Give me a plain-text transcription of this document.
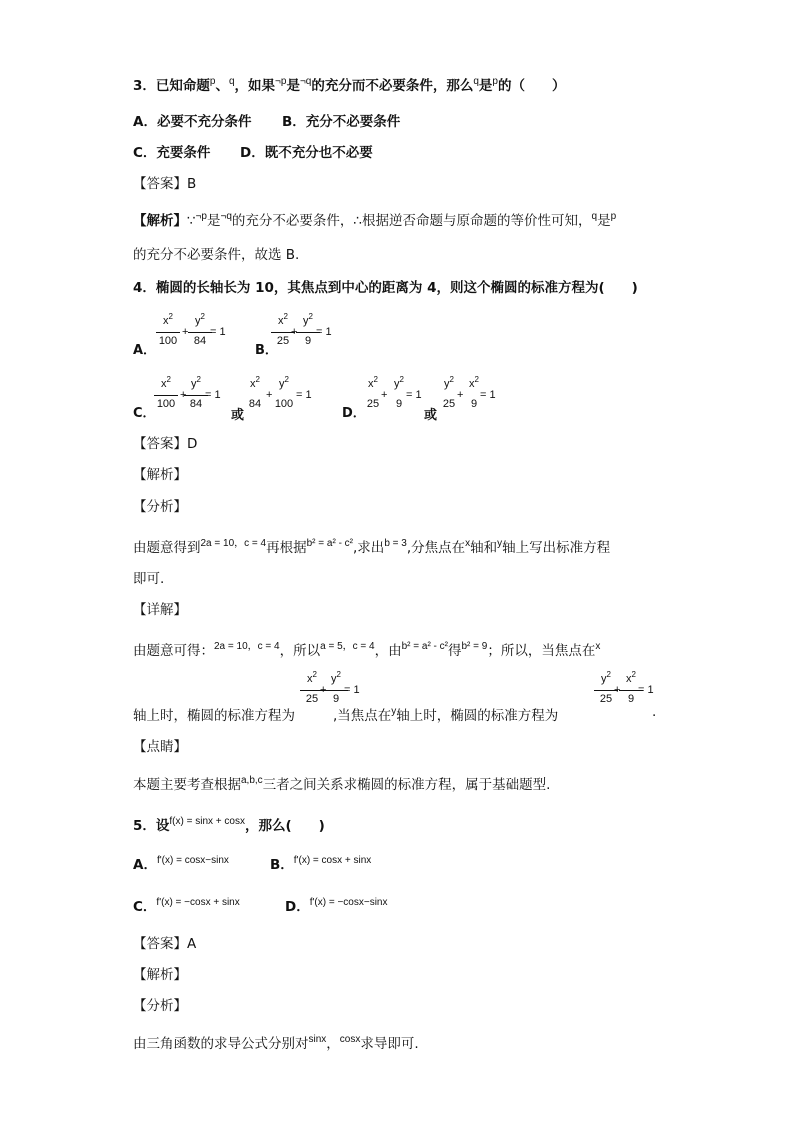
3．已知命题$^p$、$^q$，如果$^{\neg p}$是$^{\neg q}$的充分而不必要条件，那么$^q$是$^p$的（　　）
A．必要不充分条件 B．充分不必要条件
C．充要条件 D．既不充分也不必要
【答案】B
【解析】∵$^{\neg p}$是$^{\neg q}$的充分不必要条件，∴根据逆否命题与原命题的等价性可知，$^q$是$^p$
的充分不必要条件，故选 B.
4．椭圆的长轴长为 10，其焦点到中心的距离为 4，则这个椭圆的标准方程为(　　)
A．
$x^2$
100
+
$y^2$
84
= 1
B．
$x^2$
25
+
$y^2$
9
= 1
C．
$x^2$
100
+
$y^2$
84
= 1
或
$x^2$
84
+
$y^2$
100
= 1
D．
$x^2$
25
+
$y^2$
9
= 1
或
$y^2$
25
+
$x^2$
9
= 1
【答案】D
【解析】
【分析】
由题意得到$^{2a = 10,c = 4}$再根据$^{b^2 = a^2 - c^2}$,求出$^{b = 3}$,分焦点在$^x$轴和$^y$轴上写出标准方程
即可.
【详解】
由题意可得：$^{2a = 10,c = 4}$，所以$^{a = 5,c = 4}$，由$^{b^2 = a^2 - c^2}$得$^{b^2 = 9}$；所以，当焦点在$^x$
轴上时，椭圆的标准方程为
$x^2$
25
+
$y^2$
9
= 1
,当焦点在$^y$轴上时，椭圆的标准方程为
$y^2$
25
+
$x^2$
9
= 1
.
【点睛】
本题主要考查根据$^{a,b,c}$三者之间关系求椭圆的标准方程，属于基础题型.
5．设$^{f(x) = sinx + cosx}$，那么(　　)
A．$^{f'(x) = cosx-sinx}$	B．$^{f'(x) = cosx + sinx}$
C．$^{f'(x) = -cosx + sinx}$	D．$^{f'(x) = -cosx-sinx}$
【答案】A
【解析】
【分析】
由三角函数的求导公式分别对$^{sinx}$，$^{cosx}$求导即可.
